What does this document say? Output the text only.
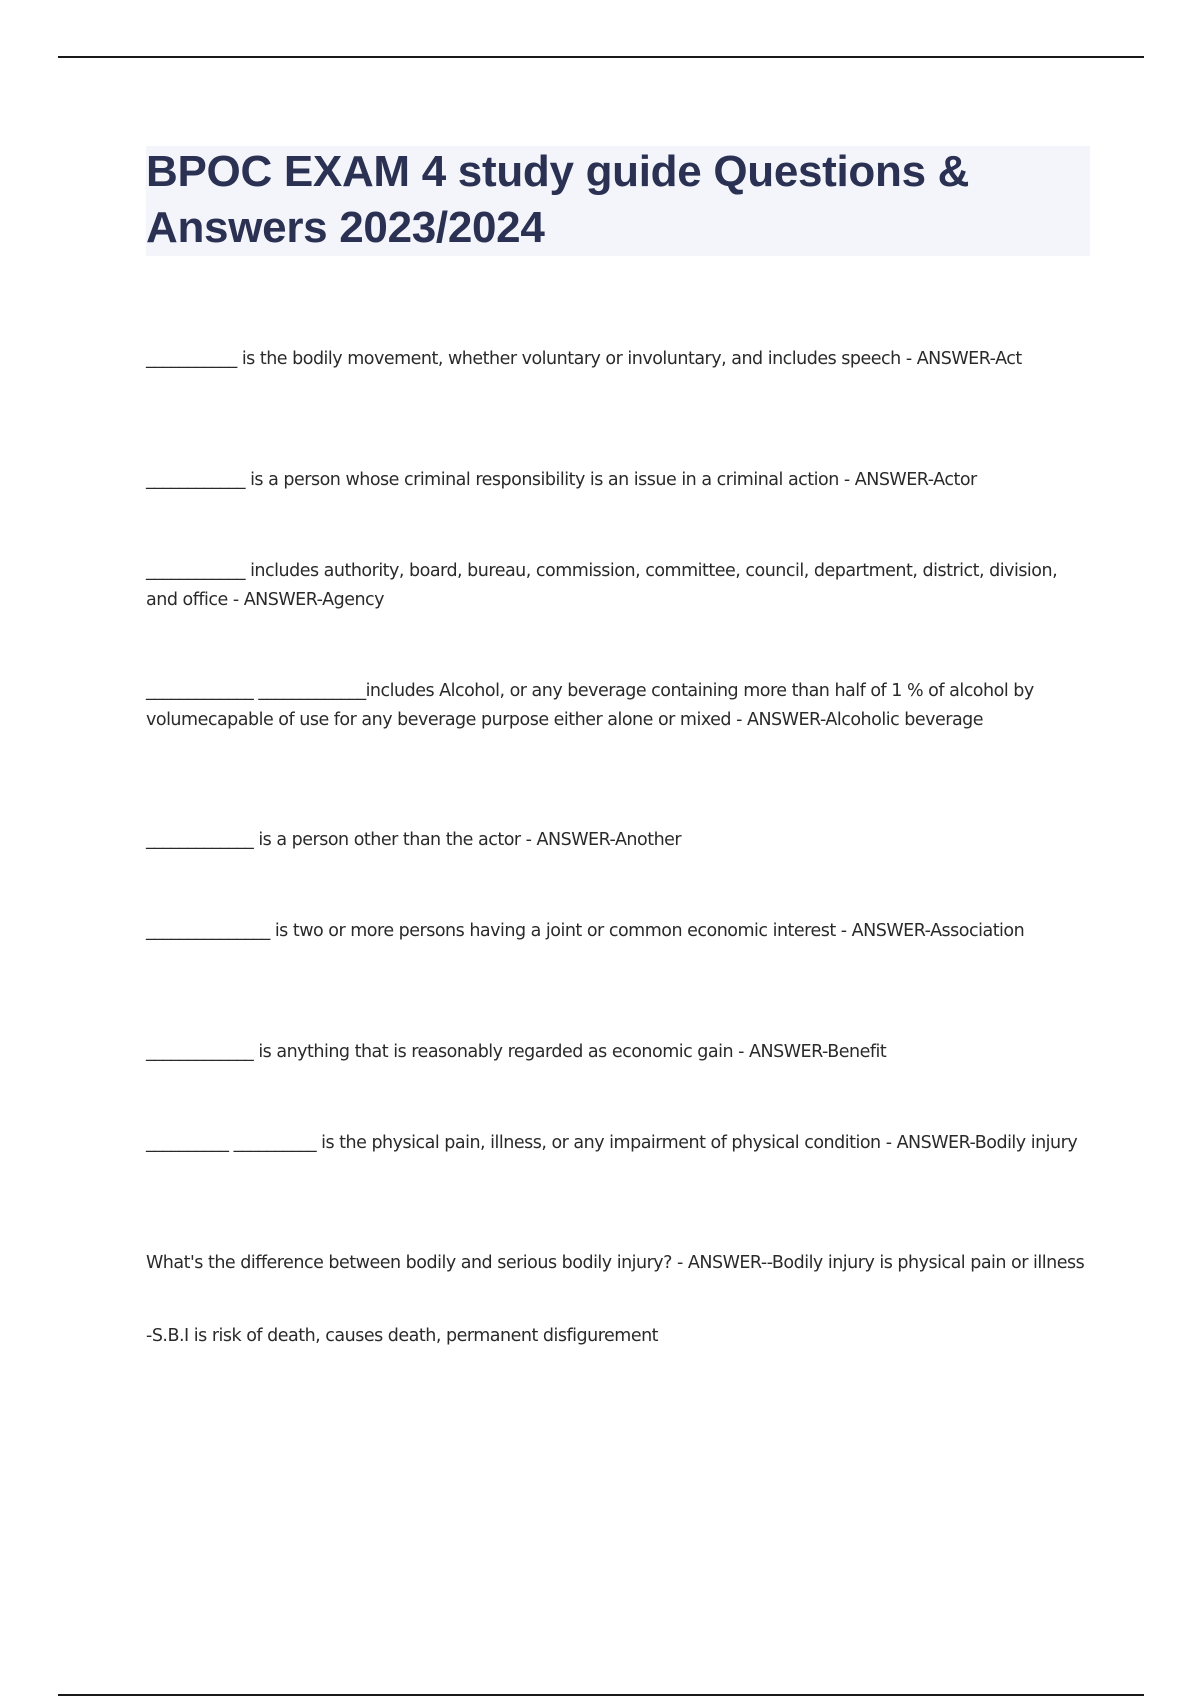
BPOC EXAM 4 study guide Questions & Answers 2023/2024

___________ is the bodily movement, whether voluntary or involuntary, and includes speech - ANSWER-Act

____________ is a person whose criminal responsibility is an issue in a criminal action - ANSWER-Actor

____________ includes authority, board, bureau, commission, committee, council, department, district, division, and office - ANSWER-Agency

_____________ _____________includes Alcohol, or any beverage containing more than half of 1 % of alcohol by volumecapable of use for any beverage purpose either alone or mixed - ANSWER-Alcoholic beverage

_____________ is a person other than the actor - ANSWER-Another

_______________ is two or more persons having a joint or common economic interest - ANSWER-Association

_____________ is anything that is reasonably regarded as economic gain - ANSWER-Benefit

__________ __________ is the physical pain, illness, or any impairment of physical condition - ANSWER-Bodily injury

What's the difference between bodily and serious bodily injury? - ANSWER--Bodily injury is physical pain or illness

-S.B.I is risk of death, causes death, permanent disfigurement
